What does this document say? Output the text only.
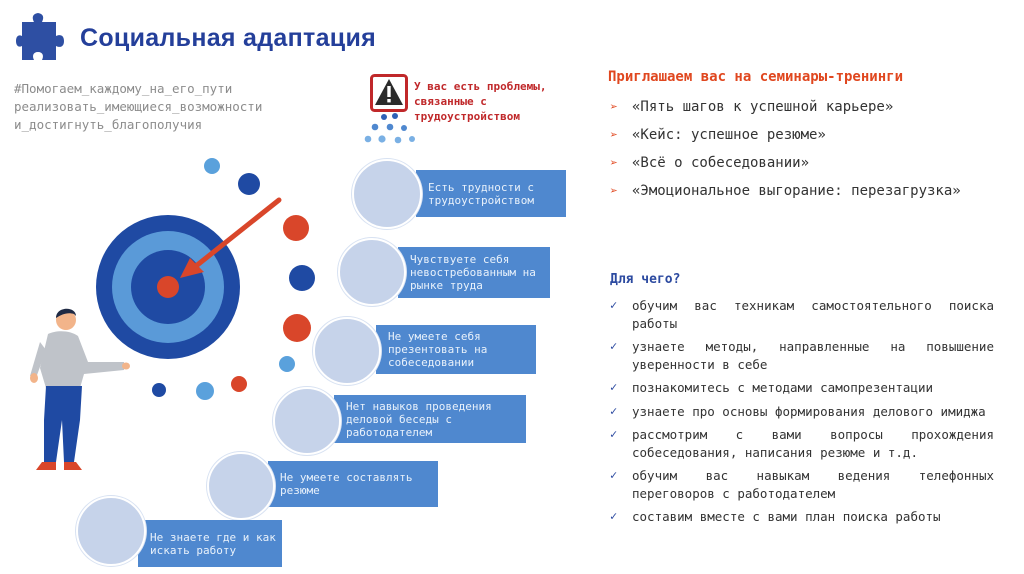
Социальная адаптация
#Помогаем_каждому_на_его_пути
реализовать_имеющиеся_возможности
и_достигнуть_благополучия
У вас есть проблемы, связанные с трудоустройством
Есть трудности с трудоустройством
Чувствуете себя невостребованным на рынке труда
Не умеете себя презентовать на собеседовании
Нет навыков проведения деловой беседы с работодателем
Не умеете составлять резюме
Не знаете где и как искать работу
Приглашаем вас на семинары-тренинги
➢	«Пять шагов к успешной карьере»
➢	«Кейс: успешное резюме»
➢	«Всё о собеседовании»
➢	«Эмоциональное выгорание: перезагрузка»
Для чего?
✓	обучим вас техникам самостоятельного поиска работы
✓	узнаете методы, направленные на повышение уверенности в себе
✓	познакомитесь с методами самопрезентации
✓	узнаете про основы формирования делового имиджа
✓	рассмотрим с вами вопросы прохождения собеседования, написания резюме и т.д.
✓	обучим вас навыкам ведения телефонных переговоров с работодателем
✓	составим вместе с вами план поиска работы
